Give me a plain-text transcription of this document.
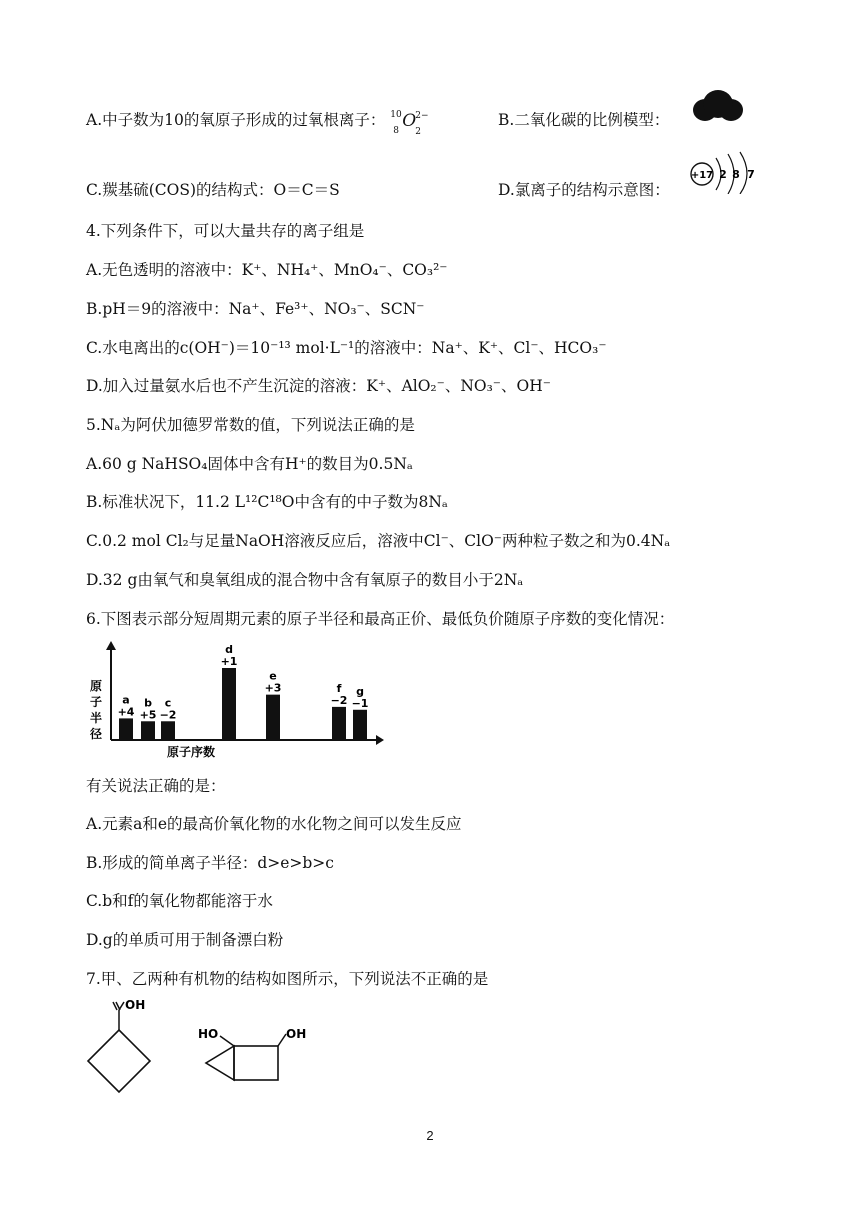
A.中子数为10的氧原子形成的过氧根离子： 10
8 O
2
2−	B.二氧化碳的比例模型：
C.羰基硫(COS)的结构式：O＝C＝S	D.氯离子的结构示意图：
+17 2 8 7
4.下列条件下，可以大量共存的离子组是
A.无色透明的溶液中：K⁺、NH₄⁺、MnO₄⁻、CO₃²⁻
B.pH＝9的溶液中：Na⁺、Fe³⁺、NO₃⁻、SCN⁻
C.水电离出的c(OH⁻)＝10⁻¹³ mol·L⁻¹的溶液中：Na⁺、K⁺、Cl⁻、HCO₃⁻
D.加入过量氨水后也不产生沉淀的溶液：K⁺、AlO₂⁻、NO₃⁻、OH⁻
5.Nₐ为阿伏加德罗常数的值，下列说法正确的是
A.60 g NaHSO₄固体中含有H⁺的数目为0.5Nₐ
B.标准状况下，11.2 L¹²C¹⁸O中含有的中子数为8Nₐ
C.0.2 mol Cl₂与足量NaOH溶液反应后，溶液中Cl⁻、ClO⁻两种粒子数之和为0.4Nₐ
D.32 g由氧气和臭氧组成的混合物中含有氧原子的数目小于2Nₐ
6.下图表示部分短周期元素的原子半径和最高正价、最低负价随原子序数的变化情况：
原
子
半
径
原子序数
+4
a
+5
b
−2
c
+1
d
+3
e
−2
f
−1
g
有关说法正确的是：
A.元素a和e的最高价氧化物的水化物之间可以发生反应
B.形成的简单离子半径：d>e>b>c
C.b和f的氧化物都能溶于水
D.g的单质可用于制备漂白粉
7.甲、乙两种有机物的结构如图所示，下列说法不正确的是
OH
HO	OH
2
